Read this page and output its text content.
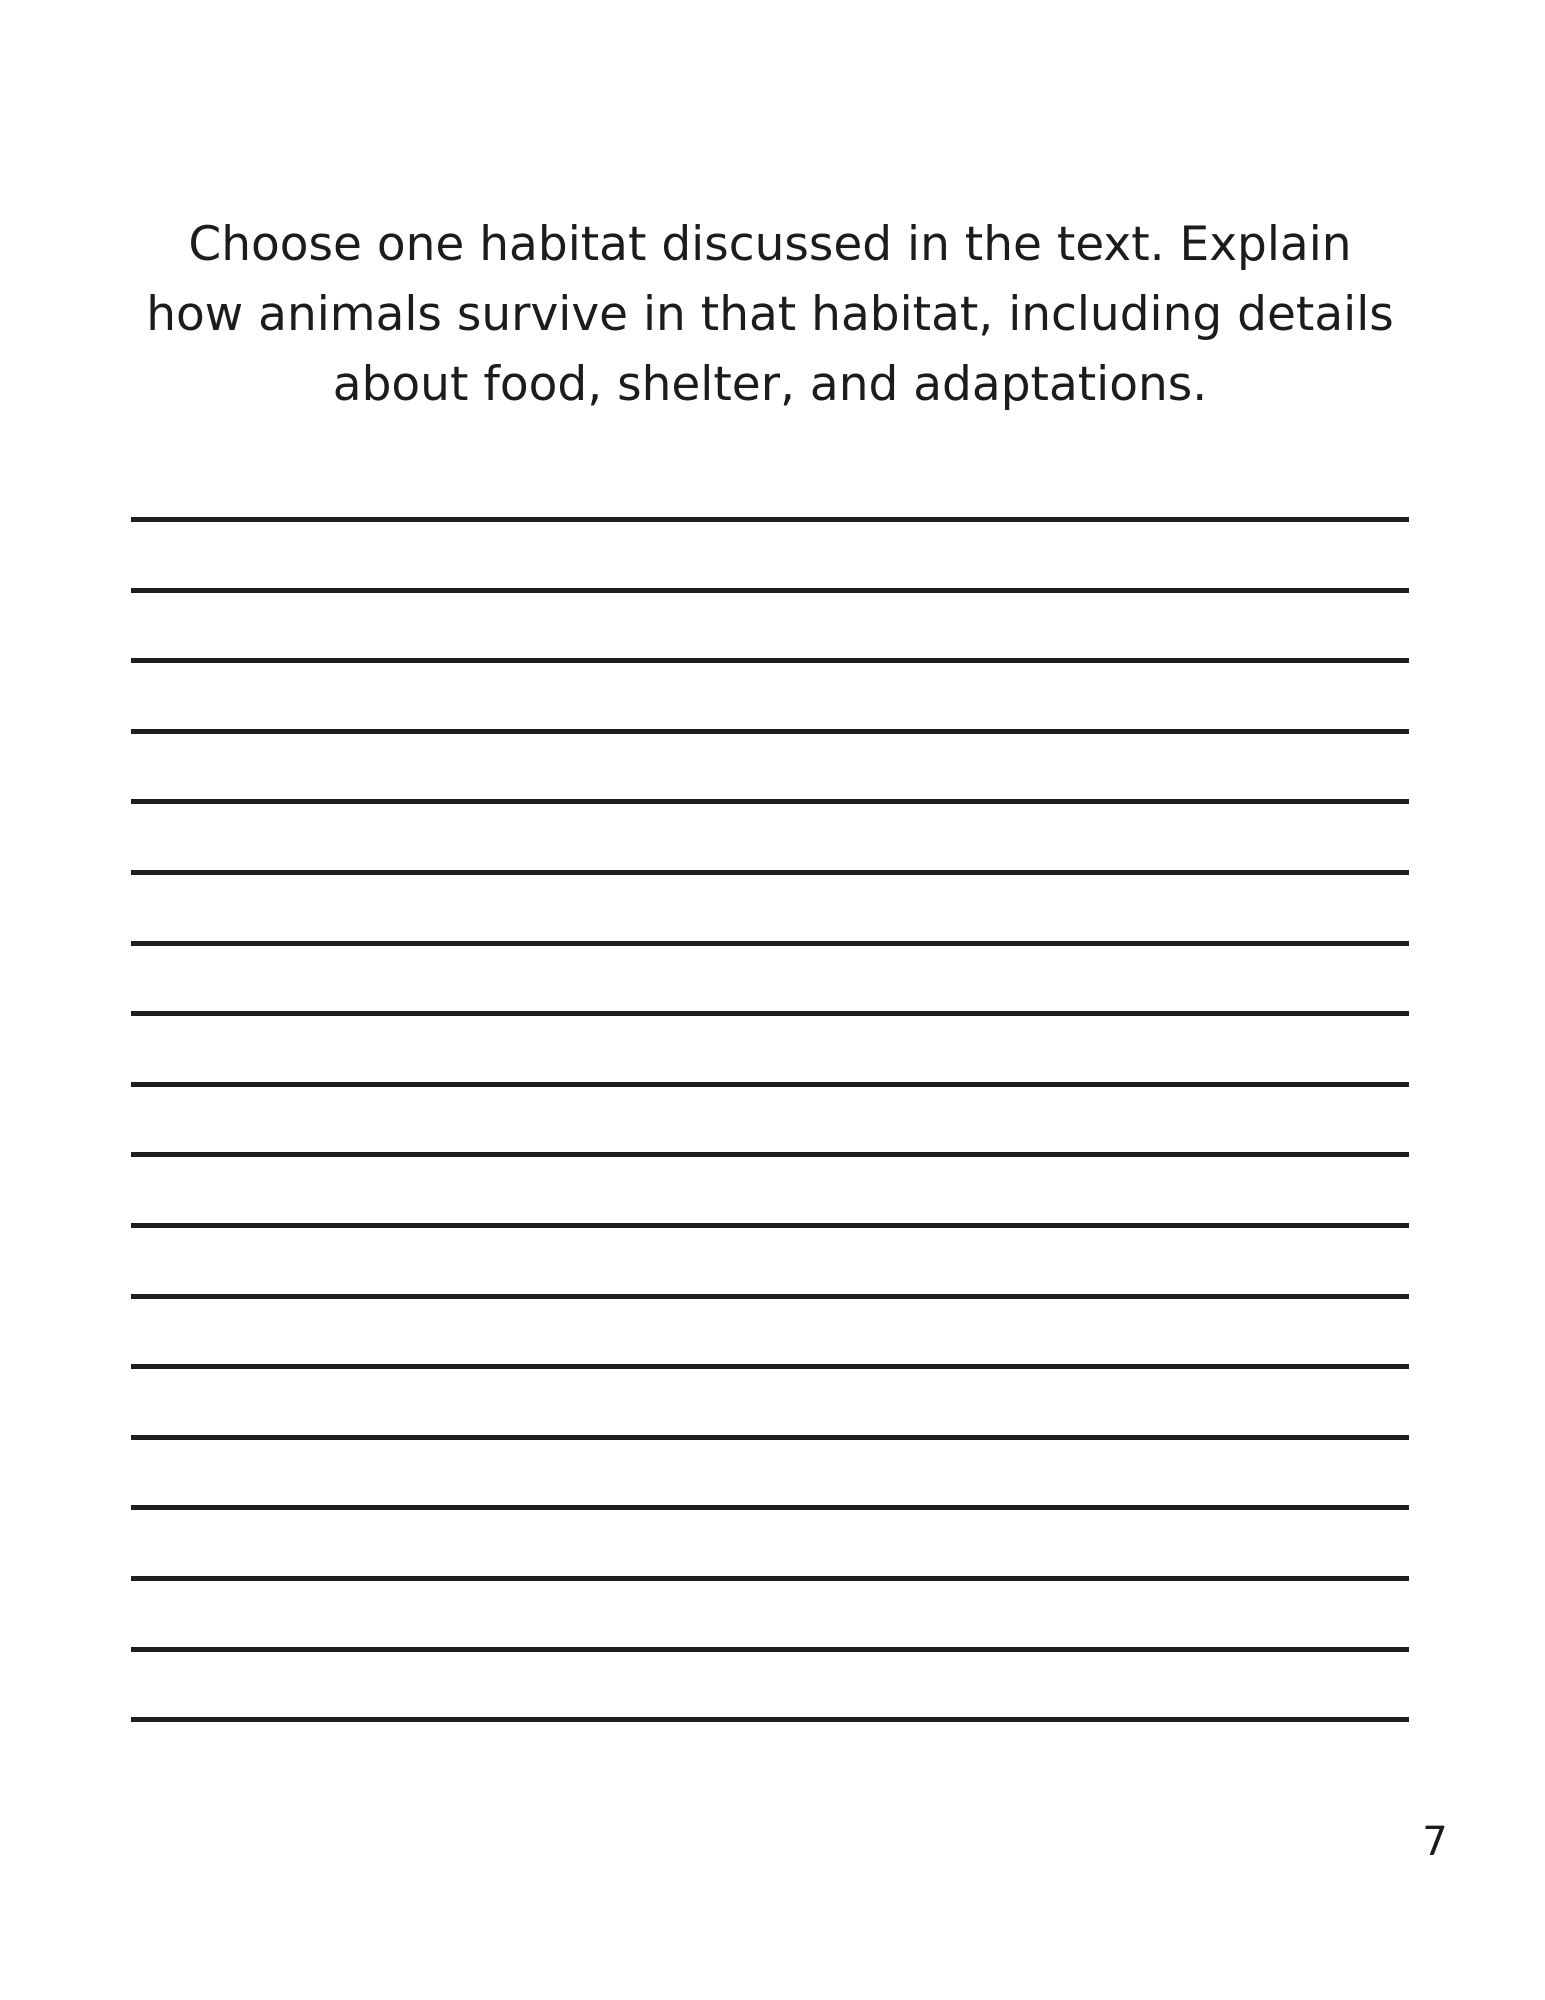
Choose one habitat discussed in the text. Explain
how animals survive in that habitat, including details
about food, shelter, and adaptations.
7
